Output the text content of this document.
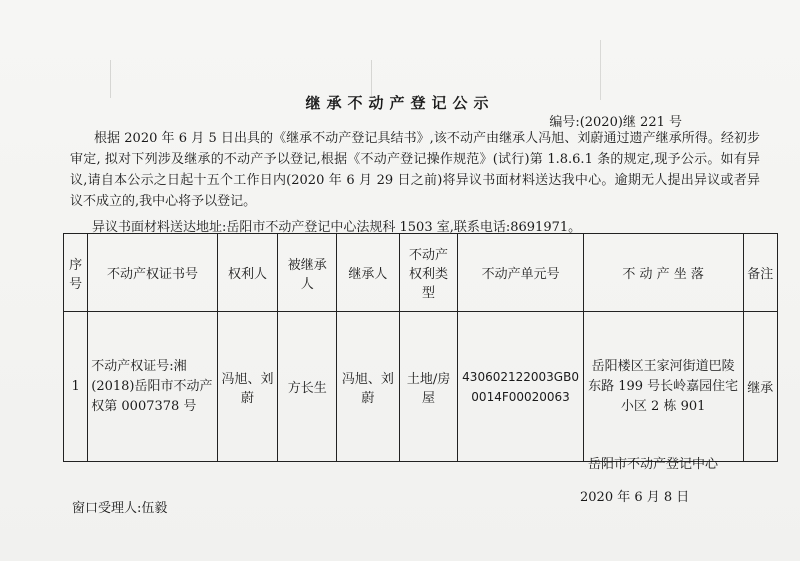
继承不动产登记公示
编号:(2020)继 221 号
根据 2020 年 6 月 5 日出具的《继承不动产登记具结书》,该不动产由继承人冯旭、刘蔚通过遗产继承所得。经初步审定, 拟对下列涉及继承的不动产予以登记,根据《不动产登记操作规范》(试行)第 1.8.6.1 条的规定,现予公示。如有异议,请自本公示之日起十五个工作日内(2020 年 6 月 29 日之前)将异议书面材料送达我中心。逾期无人提出异议或者异议不成立的,我中心将予以登记。
异议书面材料送达地址:岳阳市不动产登记中心法规科 1503 室,联系电话:8691971。
序号	不动产权证书号	权利人	被继承人	继承人	不动产权利类型	不动产单元号	不 动 产 坐 落	备注
1	不动产权证号:湘(2018)岳阳市不动产权第 0007378 号	冯旭、刘蔚	方长生	冯旭、刘蔚	土地/房屋	430602122003GB00014F00020063	岳阳楼区王家河街道巴陵东路 199 号长岭嘉园住宅小区 2 栋 901	继承
岳阳市不动产登记中心
2020 年 6 月 8 日
窗口受理人:伍毅
